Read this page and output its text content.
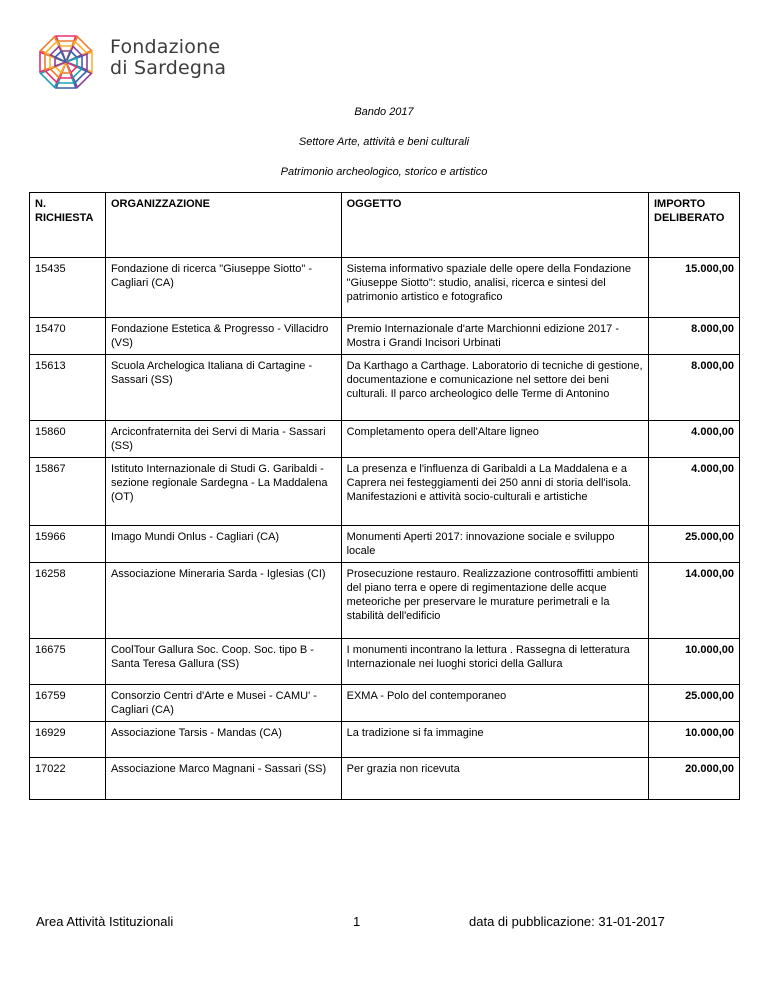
Fondazione
di Sardegna
Bando 2017
Settore Arte, attività e beni culturali
Patrimonio archeologico, storico e artistico
N. RICHIESTA	ORGANIZZAZIONE	OGGETTO	IMPORTO DELIBERATO
15435	Fondazione di ricerca "Giuseppe Siotto" - Cagliari (CA)	Sistema informativo spaziale delle opere della Fondazione "Giuseppe Siotto": studio, analisi, ricerca e sintesi del patrimonio artistico e fotografico	15.000,00
15470	Fondazione Estetica & Progresso - Villacidro (VS)	Premio Internazionale d'arte Marchionni edizione 2017 - Mostra i Grandi Incisori Urbinati	8.000,00
15613	Scuola Archelogica Italiana di Cartagine - Sassari (SS)	Da Karthago a Carthage. Laboratorio di tecniche di gestione, documentazione e comunicazione nel settore dei beni culturali. Il parco archeologico delle Terme di Antonino	8.000,00
15860	Arciconfraternita dei Servi di Maria - Sassari (SS)	Completamento opera dell'Altare ligneo	4.000,00
15867	Istituto Internazionale di Studi G. Garibaldi - sezione regionale Sardegna - La Maddalena (OT)	La presenza e l'influenza di Garibaldi a La Maddalena e a Caprera nei festeggiamenti dei 250 anni di storia dell'isola. Manifestazioni e attività socio-culturali e artistiche	4.000,00
15966	Imago Mundi Onlus - Cagliari (CA)	Monumenti Aperti 2017: innovazione sociale e sviluppo locale	25.000,00
16258	Associazione Mineraria Sarda - Iglesias (CI)	Prosecuzione restauro. Realizzazione controsoffitti ambienti del piano terra e opere di regimentazione delle acque meteoriche per preservare le murature perimetrali e la stabilità dell'edificio	14.000,00
16675	CoolTour Gallura Soc. Coop. Soc. tipo B - Santa Teresa Gallura (SS)	I monumenti incontrano la lettura . Rassegna di letteratura Internazionale nei luoghi storici della Gallura	10.000,00
16759	Consorzio Centri d'Arte e Musei - CAMU' - Cagliari (CA)	EXMA - Polo del contemporaneo	25.000,00
16929	Associazione Tarsis - Mandas (CA)	La tradizione si fa immagine	10.000,00
17022	Associazione Marco Magnani - Sassari (SS)	Per grazia non ricevuta	20.000,00
Area Attività Istituzionali	1	data di pubblicazione: 31-01-2017
